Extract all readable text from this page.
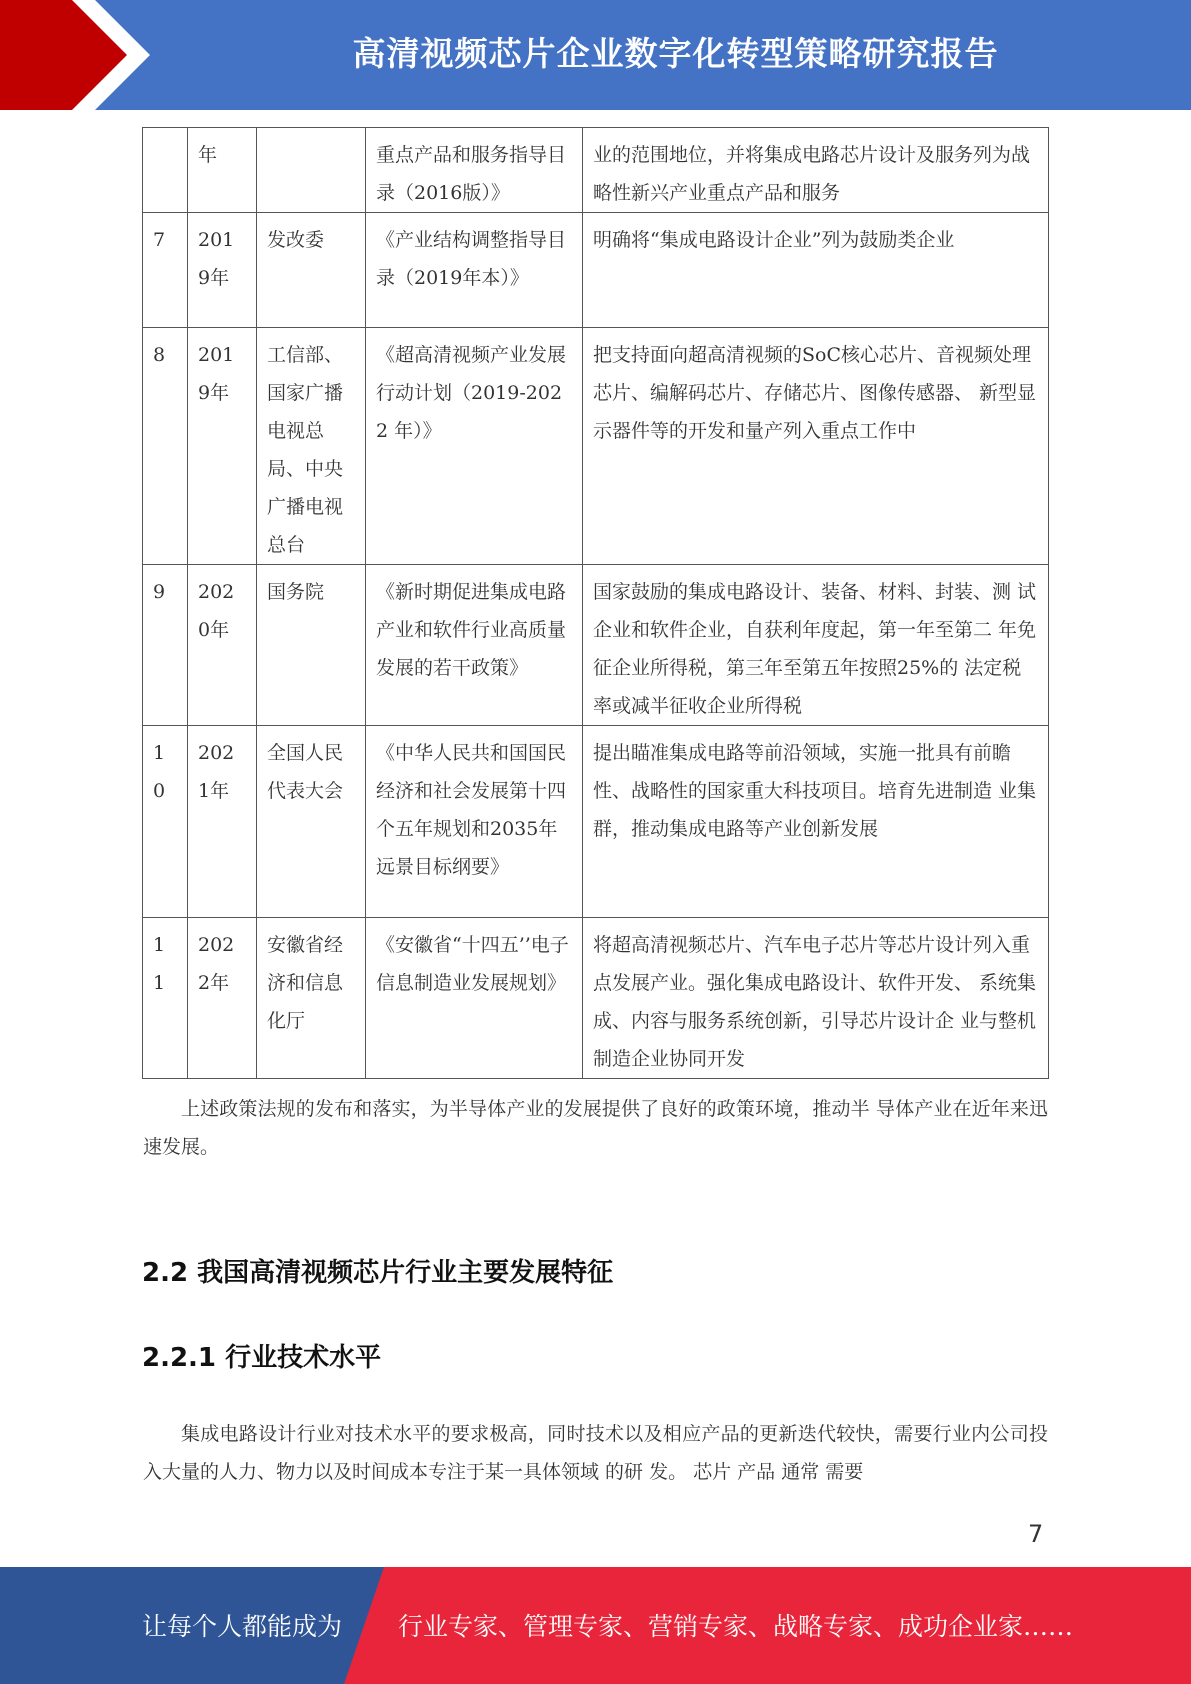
高清视频芯片企业数字化转型策略研究报告
	年		重点产品和服务指导目录（2016版）》	业的范围地位，并将集成电路芯片设计及服务列为战略性新兴产业重点产品和服务
7	2019年	发改委	《产业结构调整指导目录（2019年本）》	明确将“集成电路设计企业”列为鼓励类企业
8	2019年	工信部、国家广播电视总局、中央广播电视总台	《超高清视频产业发展行动计划（2019-2022 年）》	把支持面向超高清视频的SoC核心芯片、音视频处理芯片、编解码芯片、存储芯片、图像传感器、 新型显示器件等的开发和量产列入重点工作中
9	2020年	国务院	《新时期促进集成电路产业和软件行业高质量发展的若干政策》	国家鼓励的集成电路设计、装备、材料、封装、测 试企业和软件企业，自获利年度起，第一年至第二 年免征企业所得税，第三年至第五年按照25%的 法定税率或减半征收企业所得税
10	2021年	全国人民代表大会	《中华人民共和国国民经济和社会发展第十四个五年规划和2035年远景目标纲要》	提出瞄准集成电路等前沿领域，实施一批具有前瞻性、战略性的国家重大科技项目。培育先进制造 业集群，推动集成电路等产业创新发展
11	2022年	安徽省经济和信息化厅	《安徽省“十四五’’电子信息制造业发展规划》	将超高清视频芯片、汽车电子芯片等芯片设计列入重点发展产业。强化集成电路设计、软件开发、 系统集成、内容与服务系统创新，引导芯片设计企 业与整机制造企业协同开发
上述政策法规的发布和落实，为半导体产业的发展提供了良好的政策环境，推动半 导体产业在近年来迅速发展。
2.2 我国高清视频芯片行业主要发展特征
2.2.1 行业技术水平
集成电路设计行业对技术水平的要求极高，同时技术以及相应产品的更新迭代较快，需要行业内公司投入大量的人力、物力以及时间成本专注于某一具体领域 的研 发。 芯片 产品 通常 需要
7
让每个人都能成为 行业专家、管理专家、营销专家、战略专家、成功企业家……
